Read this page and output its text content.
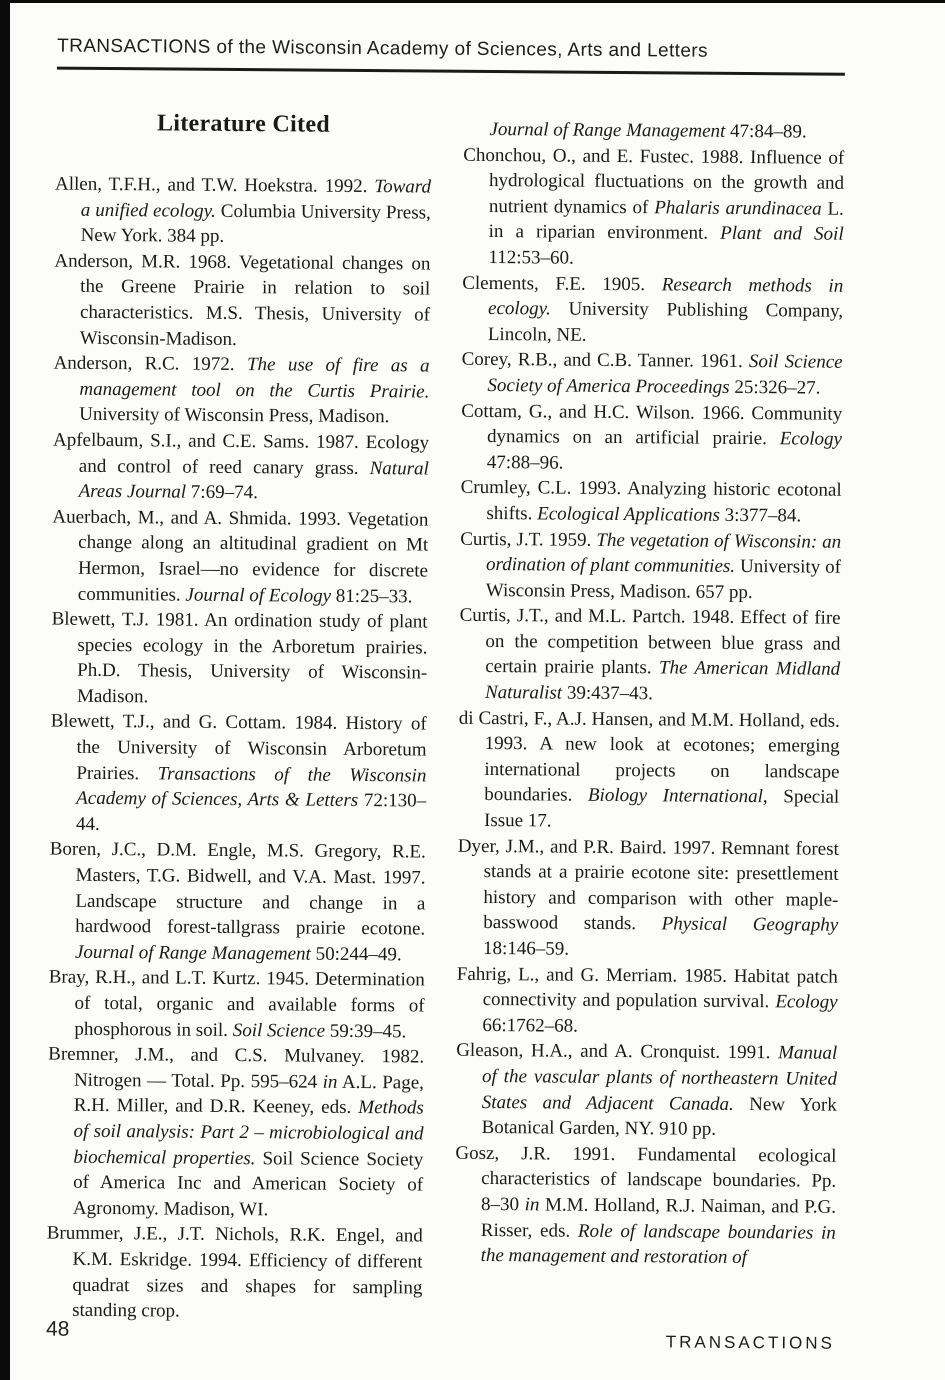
TRANSACTIONS of the Wisconsin Academy of Sciences, Arts and Letters
Literature Cited

Allen, T.F.H., and T.W. Hoekstra. 1992. Toward a unified ecology. Columbia University Press, New York. 384 pp.

Anderson, M.R. 1968. Vegetational changes on the Greene Prairie in relation to soil characteristics. M.S. Thesis, University of Wisconsin-Madison.

Anderson, R.C. 1972. The use of fire as a management tool on the Curtis Prairie. University of Wisconsin Press, Madison.

Apfelbaum, S.I., and C.E. Sams. 1987. Ecology and control of reed canary grass. Natural Areas Journal 7:69–74.

Auerbach, M., and A. Shmida. 1993. Vegetation change along an altitudinal gradient on Mt Hermon, Israel—no evidence for discrete communities. Journal of Ecology 81:25–33.

Blewett, T.J. 1981. An ordination study of plant species ecology in the Arboretum prairies. Ph.D. Thesis, University of Wisconsin-Madison.

Blewett, T.J., and G. Cottam. 1984. History of the University of Wisconsin Arboretum Prairies. Transactions of the Wisconsin Academy of Sciences, Arts & Letters 72:130–44.

Boren, J.C., D.M. Engle, M.S. Gregory, R.E. Masters, T.G. Bidwell, and V.A. Mast. 1997. Landscape structure and change in a hardwood forest-tallgrass prairie ecotone. Journal of Range Management 50:244–49.

Bray, R.H., and L.T. Kurtz. 1945. Determination of total, organic and available forms of phosphorous in soil. Soil Science 59:39–45.

Bremner, J.M., and C.S. Mulvaney. 1982. Nitrogen — Total. Pp. 595–624 in A.L. Page, R.H. Miller, and D.R. Keeney, eds. Methods of soil analysis: Part 2 – microbiological and biochemical properties. Soil Science Society of America Inc and American Society of Agronomy. Madison, WI.

Brummer, J.E., J.T. Nichols, R.K. Engel, and K.M. Eskridge. 1994. Efficiency of different quadrat sizes and shapes for sampling standing crop.

Journal of Range Management 47:84–89.

Chonchou, O., and E. Fustec. 1988. Influence of hydrological fluctuations on the growth and nutrient dynamics of Phalaris arundinacea L. in a riparian environment. Plant and Soil 112:53–60.

Clements, F.E. 1905. Research methods in ecology. University Publishing Company, Lincoln, NE.

Corey, R.B., and C.B. Tanner. 1961. Soil Science Society of America Proceedings 25:326–27.

Cottam, G., and H.C. Wilson. 1966. Community dynamics on an artificial prairie. Ecology 47:88–96.

Crumley, C.L. 1993. Analyzing historic ecotonal shifts. Ecological Applications 3:377–84.

Curtis, J.T. 1959. The vegetation of Wisconsin: an ordination of plant communities. University of Wisconsin Press, Madison. 657 pp.

Curtis, J.T., and M.L. Partch. 1948. Effect of fire on the competition between blue grass and certain prairie plants. The American Midland Naturalist 39:437–43.

di Castri, F., A.J. Hansen, and M.M. Holland, eds. 1993. A new look at ecotones; emerging international projects on landscape boundaries. Biology International, Special Issue 17.

Dyer, J.M., and P.R. Baird. 1997. Remnant forest stands at a prairie ecotone site: presettlement history and comparison with other maple-basswood stands. Physical Geography 18:146–59.

Fahrig, L., and G. Merriam. 1985. Habitat patch connectivity and population survival. Ecology 66:1762–68.

Gleason, H.A., and A. Cronquist. 1991. Manual of the vascular plants of northeastern United States and Adjacent Canada. New York Botanical Garden, NY. 910 pp.

Gosz, J.R. 1991. Fundamental ecological characteristics of landscape boundaries. Pp. 8–30 in M.M. Holland, R.J. Naiman, and P.G. Risser, eds. Role of landscape boundaries in the management and restoration of

48
TRANSACTIONS
